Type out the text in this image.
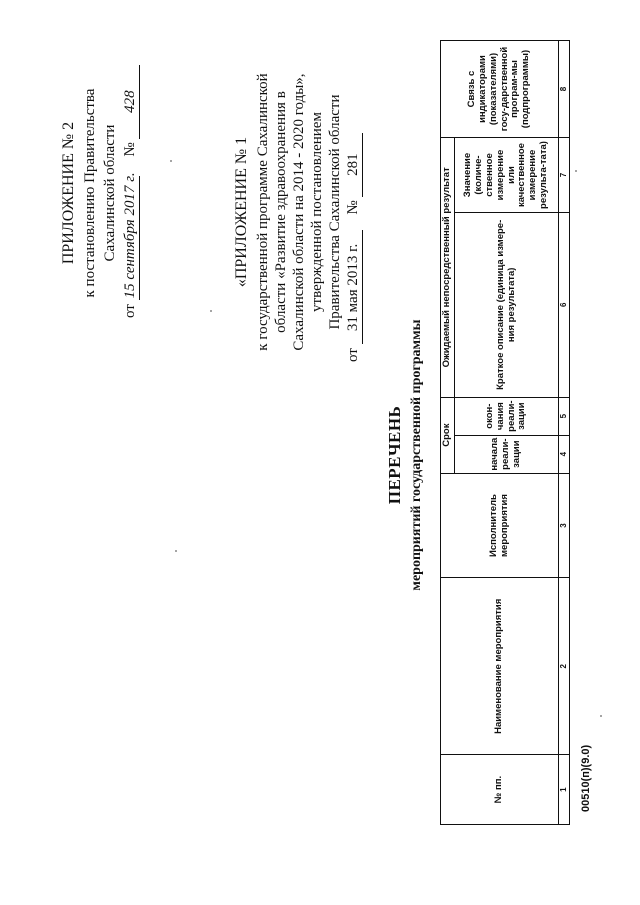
ПРИЛОЖЕНИЕ № 2 к постановлению Правительства Сахалинской области
от 15 сентября 2017 г. № 428
«ПРИЛОЖЕНИЕ № 1 к государственной программе Сахалинской области «Развитие здравоохранения в Сахалинской области на 2014 - 2020 годы», утвержденной постановлением Правительства Сахалинской области
от 31 мая 2013 г. № 281
ПЕРЕЧЕНЬ мероприятий государственной программы
№ пп.	Наименование мероприятия	Исполнитель мероприятия	Срок		Ожидаемый непосредственный результат		Связь с индикаторами (показателями) госу-дарственной програм-мы (подпрограммы)
			начала реали-зации	окон-чания реали-зации	Краткое описание (единица измере-ния результата)	Значение (количе-ственное измерение или качественное измерение результа-тата)	

1	2	3	4	5	6	7	8
00510(п)(9.0)
